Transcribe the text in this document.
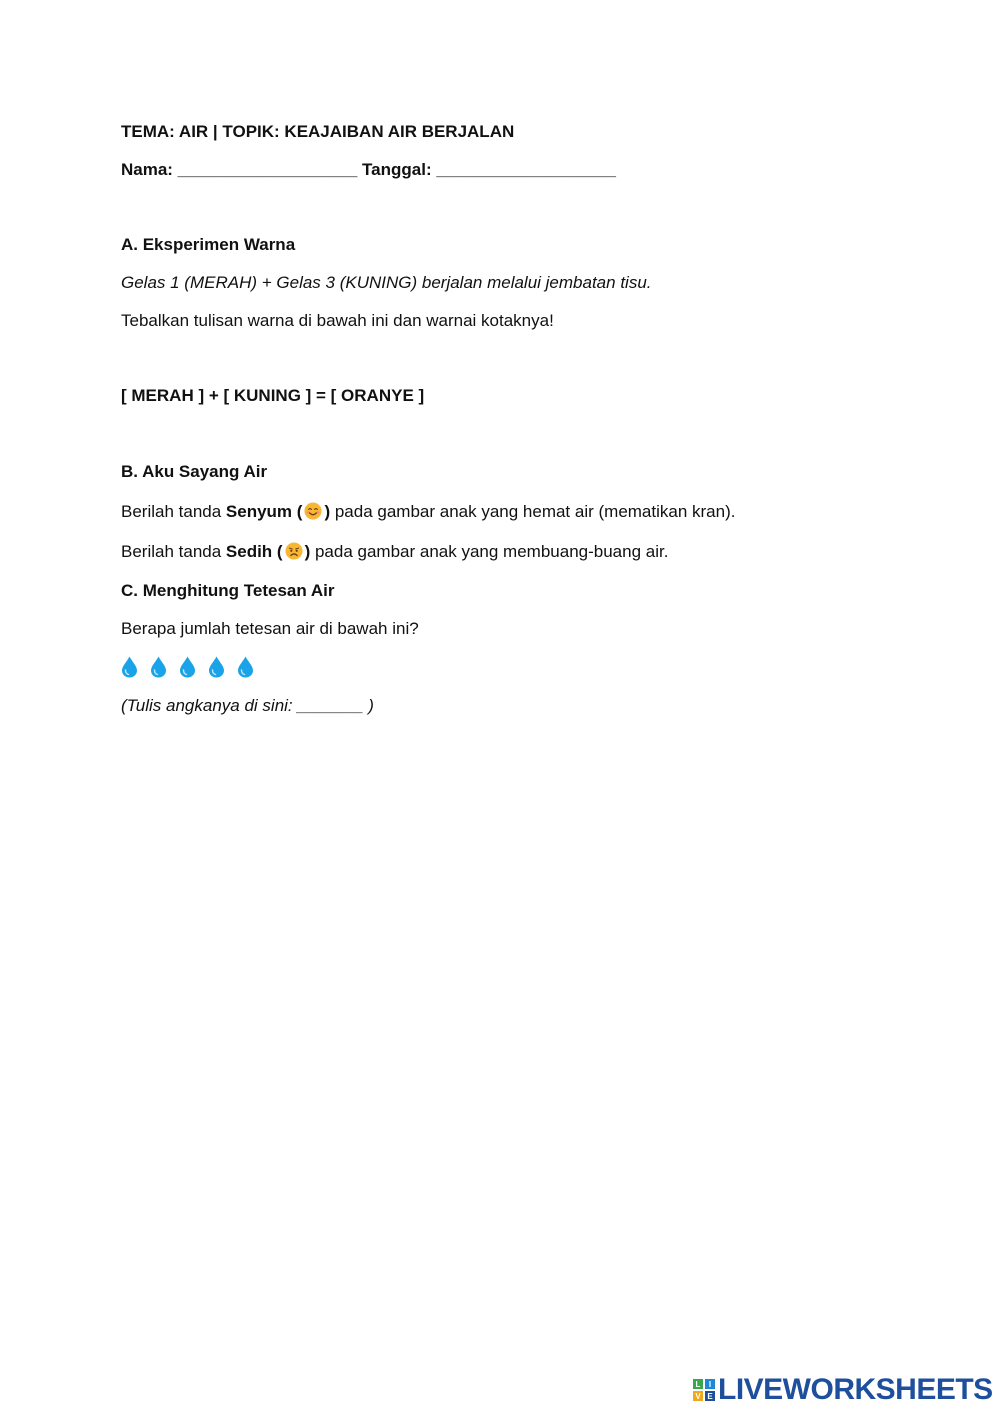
TEMA: AIR | TOPIK: KEAJAIBAN AIR BERJALAN
Nama: ___________________ Tanggal: ___________________
A. Eksperimen Warna
Gelas 1 (MERAH) + Gelas 3 (KUNING) berjalan melalui jembatan tisu.
Tebalkan tulisan warna di bawah ini dan warnai kotaknya!
[ MERAH ] + [ KUNING ] = [ ORANYE ]
B. Aku Sayang Air
Berilah tanda Senyum ( ) pada gambar anak yang hemat air (mematikan kran).
Berilah tanda Sedih ( ) pada gambar anak yang membuang-buang air.
C. Menghitung Tetesan Air
Berapa jumlah tetesan air di bawah ini?
(Tulis angkanya di sini: _______ )
L	I
V E LIVEWORKSHEETS
